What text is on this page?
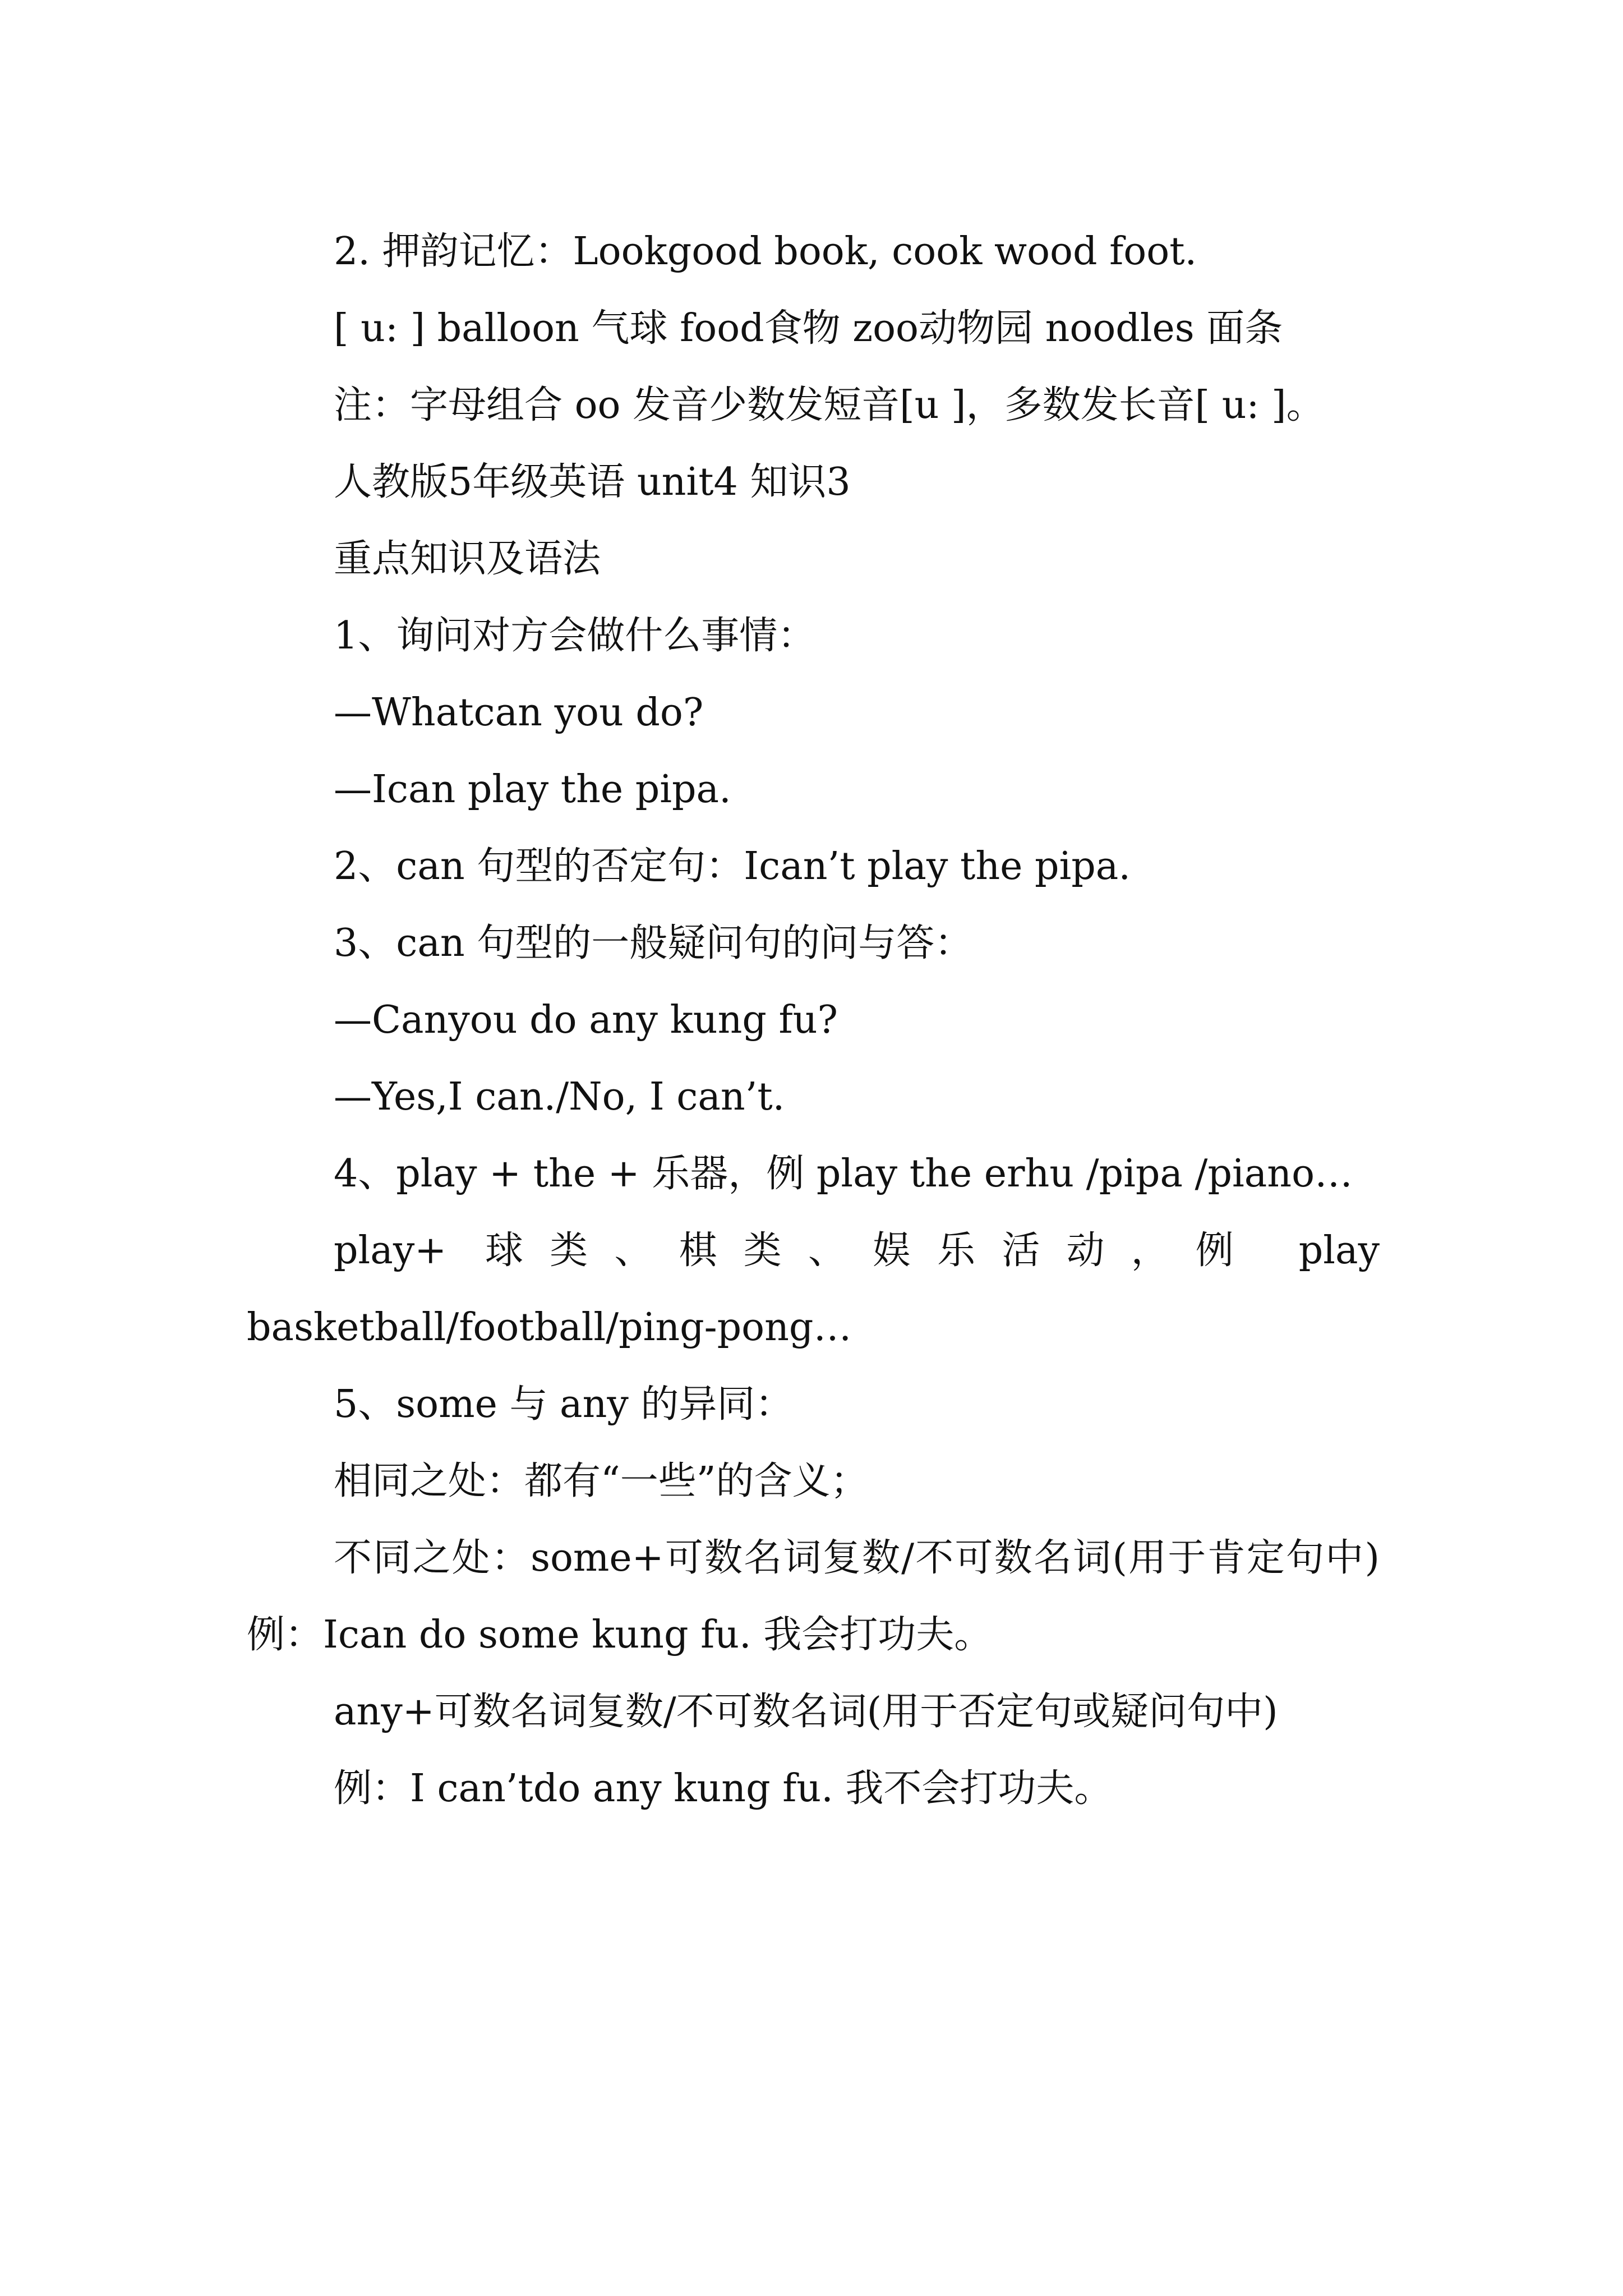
2. 押韵记忆：Lookgood book, cook wood foot.

[ u: ] balloon 气球 food食物 zoo动物园 noodles 面条

注：字母组合 oo 发音少数发短音[u ]，多数发长音[ u: ]。

人教版5年级英语 unit4 知识3

重点知识及语法

1、询问对方会做什么事情：

—Whatcan you do?

—Ican play the pipa.

2、can 句型的否定句：Ican’t play the pipa.

3、can 句型的一般疑问句的问与答：

—Canyou do any kung fu?

—Yes,I can./No, I can’t.

4、play + the + 乐器，例 play the erhu /pipa /piano…

play+ 球类、棋类、娱乐活动，例 play basketball/football/ping-pong…

5、some 与 any 的异同：

相同之处：都有“一些”的含义；

不同之处：some+可数名词复数/不可数名词(用于肯定句中) 例：Ican do some kung fu. 我会打功夫。

any+可数名词复数/不可数名词(用于否定句或疑问句中)

例：I can’tdo any kung fu. 我不会打功夫。
